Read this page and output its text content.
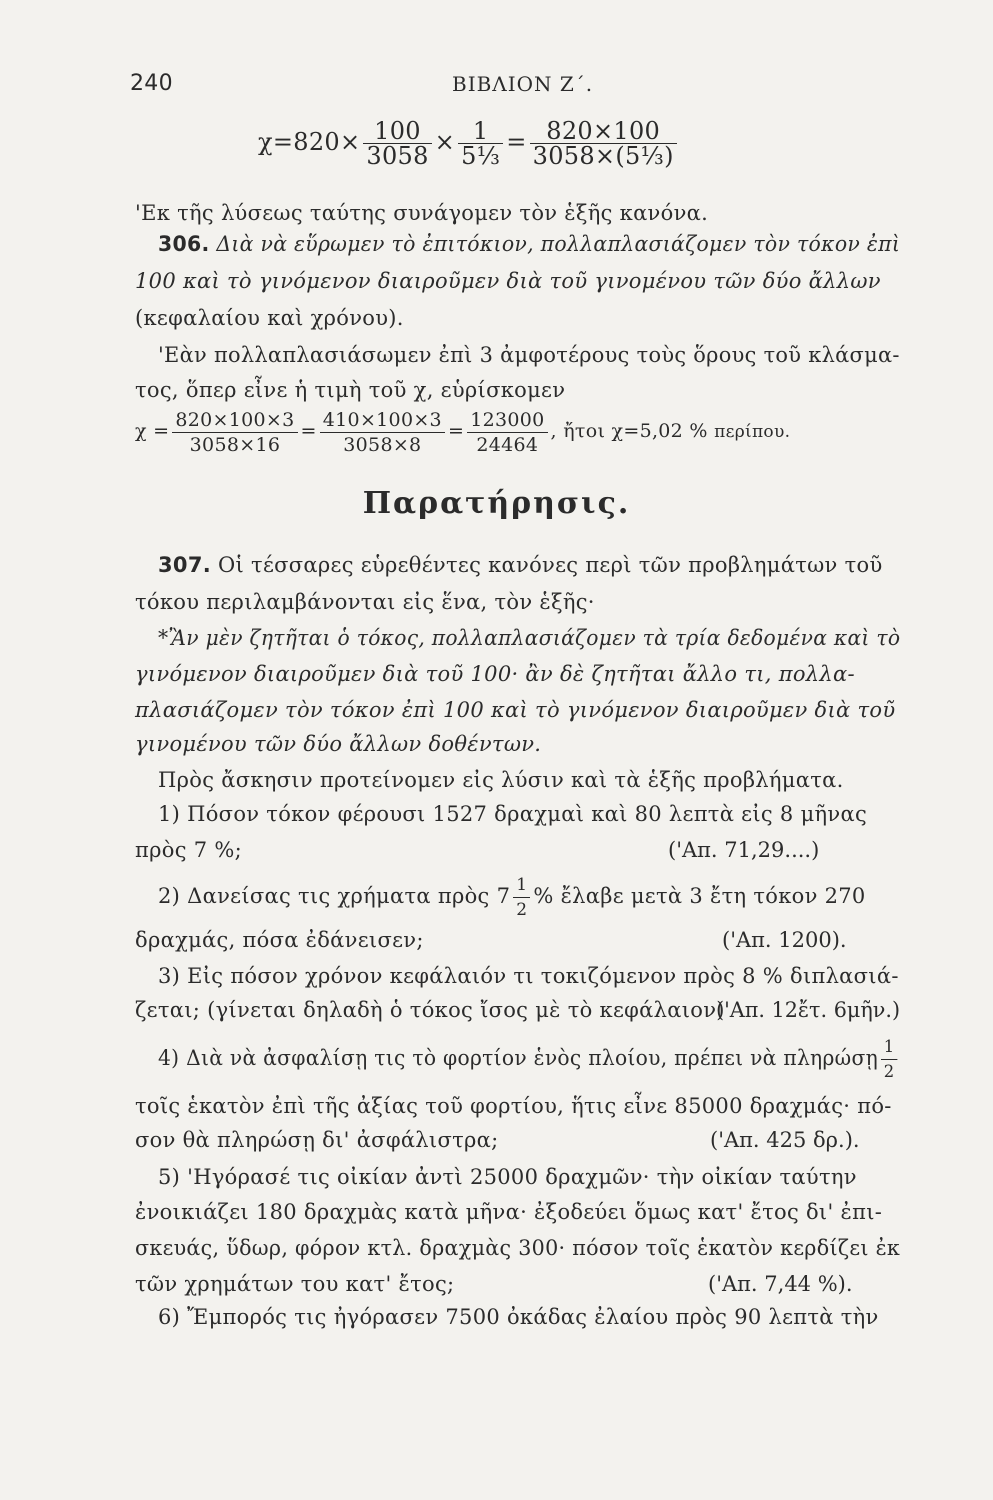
240	ΒΙΒΛΙΟΝ Ζ΄.
$\chi=820\times \frac{100}{3058} \times \frac{1}{\text{5⅓}} = \frac{820\times 100}{\text{3058×(5⅓)}}$
'Εκ τῆς λύσεως ταύτης συνάγομεν τὸν ἑξῆς κανόνα.
306. Διὰ νὰ εὕρωμεν τὸ ἐπιτόκιον, πολλαπλασιάζομεν τὸν τόκον ἐπὶ
100 καὶ τὸ γινόμενον διαιροῦμεν διὰ τοῦ γινομένου τῶν δύο ἄλλων
(κεφαλαίου καὶ χρόνου).
'Εὰν πολλαπλασιάσωμεν ἐπὶ 3 ἀμφοτέρους τοὺς ὅρους τοῦ κλάσμα-
τος, ὅπερ εἶνε ἡ τιμὴ τοῦ χ, εὑρίσκομεν
$\chi = \frac{820\times 100\times 3}{3058\times 16} = \frac{410\times 100\times 3}{3058\times 8} = \frac{123000}{24464}$ , ἤτοι χ=5,02 % περίπου.
Παρατήρησις.
307. Οἱ τέσσαρες εὑρεθέντες κανόνες περὶ τῶν προβλημάτων τοῦ
τόκου περιλαμβάνονται εἰς ἕνα, τὸν ἑξῆς·
*Ἂν μὲν ζητῆται ὁ τόκος, πολλαπλασιάζομεν τὰ τρία δεδομένα καὶ τὸ
γινόμενον διαιροῦμεν διὰ τοῦ 100· ἂν δὲ ζητῆται ἄλλο τι, πολλα-
πλασιάζομεν τὸν τόκον ἐπὶ 100 καὶ τὸ γινόμενον διαιροῦμεν διὰ τοῦ
γινομένου τῶν δύο ἄλλων δοθέντων.
Πρὸς ἄσκησιν προτείνομεν εἰς λύσιν καὶ τὰ ἑξῆς προβλήματα.
1) Πόσον τόκον φέρουσι 1527 δραχμαὶ καὶ 80 λεπτὰ εἰς 8 μῆνας
πρὸς 7 %;	('Απ. 71,29....)
2) Δανείσας τις χρήματα πρὸς $7 \frac{1}{2}$ % ἔλαβε μετὰ 3 ἔτη τόκον 270
δραχμάς, πόσα ἐδάνεισεν;	('Απ. 1200).
3) Εἰς πόσον χρόνον κεφάλαιόν τι τοκιζόμενον πρὸς 8 % διπλασιά-
ζεται; (γίνεται δηλαδὴ ὁ τόκος ἴσος μὲ τὸ κεφάλαιον)
('Απ. 12ἔτ. 6μῆν.)
4) Διὰ νὰ ἀσφαλίσῃ τις τὸ φορτίον ἑνὸς πλοίου, πρέπει νὰ πληρώσῃ $\frac{1}{2}$
τοῖς ἑκατὸν ἐπὶ τῆς ἀξίας τοῦ φορτίου, ἥτις εἶνε 85000 δραχμάς· πό-
σον θὰ πληρώσῃ δι' ἀσφάλιστρα;	('Απ. 425 δρ.).
5) 'Ηγόρασέ τις οἰκίαν ἀντὶ 25000 δραχμῶν· τὴν οἰκίαν ταύτην
ἐνοικιάζει 180 δραχμὰς κατὰ μῆνα· ἐξοδεύει ὅμως κατ' ἔτος δι' ἐπι-
σκευάς, ὕδωρ, φόρον κτλ. δραχμὰς 300· πόσον τοῖς ἑκατὸν κερδίζει ἐκ
τῶν χρημάτων του κατ' ἔτος;	('Απ. 7,44 %).
6) Ἔμπορός τις ἠγόρασεν 7500 ὀκάδας ἐλαίου πρὸς 90 λεπτὰ τὴν
